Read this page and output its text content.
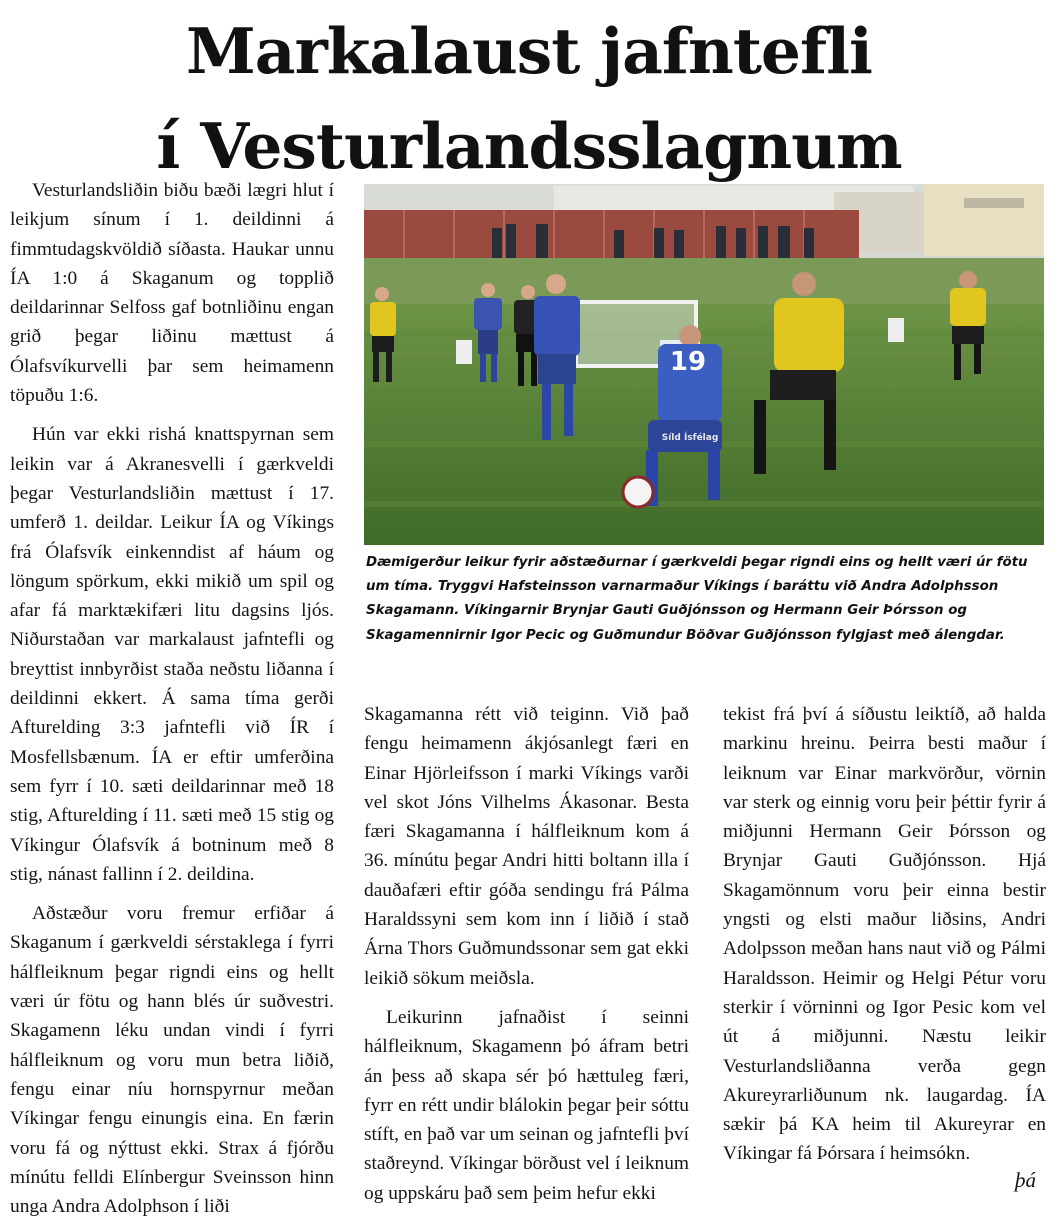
Markalaust jafntefli
í Vesturlandsslagnum

Vesturlandsliðin biðu bæði lægri hlut í leikjum sínum í 1. deildinni á fimmtudagskvöldið síðasta. Haukar unnu ÍA 1:0 á Skaganum og topplið deildarinnar Selfoss gaf botnliðinu engan grið þegar liðinu mættust á Ólafsvíkurvelli þar sem heimamenn töpuðu 1:6.

Hún var ekki rishá knattspyrnan sem leikin var á Akranesvelli í gærkveldi þegar Vesturlandsliðin mættust í 17. umferð 1. deildar. Leikur ÍA og Víkings frá Ólafsvík einkenndist af háum og löngum spörkum, ekki mikið um spil og afar fá marktækifæri litu dagsins ljós. Niðurstaðan var markalaust jafntefli og breyttist innbyrðist staða neðstu liðanna í deildinni ekkert. Á sama tíma gerði Afturelding 3:3 jafntefli við ÍR í Mosfellsbænum. ÍA er eftir umferðina sem fyrr í 10. sæti deildarinnar með 18 stig, Afturelding í 11. sæti með 15 stig og Víkingur Ólafsvík á botninum með 8 stig, nánast fallinn í 2. deildina.

Aðstæður voru fremur erfiðar á Skaganum í gærkveldi sérstaklega í fyrri hálfleiknum þegar rigndi eins og hellt væri úr fötu og hann blés úr suðvestri. Skagamenn léku undan vindi í fyrri hálfleiknum og voru mun betra liðið, fengu einar níu hornspyrnur meðan Víkingar fengu einungis eina. En færin voru fá og nýttust ekki. Strax á fjórðu mínútu felldi Elínbergur Sveinsson hinn unga Andra Adolphson í liði

19
Síld Ísfélag
Dæmigerður leikur fyrir aðstæðurnar í gærkveldi þegar rigndi eins og hellt væri úr fötu um tíma. Tryggvi Hafsteinsson varnarmaður Víkings í baráttu við Andra Adolphsson Skagamann. Víkingarnir Brynjar Gauti Guðjónsson og Hermann Geir Þórsson og Skagamennirnir Igor Pecic og Guðmundur Böðvar Guðjónsson fylgjast með álengdar.

Skagamanna rétt við teiginn. Við það fengu heimamenn ákjósanlegt færi en Einar Hjörleifsson í marki Víkings varði vel skot Jóns Vilhelms Ákasonar. Besta færi Skagamanna í hálfleiknum kom á 36. mínútu þegar Andri hitti boltann illa í dauðafæri eftir góða sendingu frá Pálma Haraldssyni sem kom inn í liðið í stað Árna Thors Guðmundssonar sem gat ekki leikið sökum meiðsla.

Leikurinn jafnaðist í seinni hálfleiknum, Skagamenn þó áfram betri án þess að skapa sér þó hættuleg færi, fyrr en rétt undir blálokin þegar þeir sóttu stíft, en það var um seinan og jafntefli því staðreynd. Víkingar börðust vel í leiknum og uppskáru það sem þeim hefur ekki

tekist frá því á síðustu leiktíð, að halda markinu hreinu. Þeirra besti maður í leiknum var Einar markvörður, vörnin var sterk og einnig voru þeir þéttir fyrir á miðjunni Hermann Geir Þórsson og Brynjar Gauti Guðjónsson. Hjá Skagamönnum voru þeir einna bestir yngsti og elsti maður liðsins, Andri Adolpsson meðan hans naut við og Pálmi Haraldsson. Heimir og Helgi Pétur voru sterkir í vörninni og Igor Pesic kom vel út á miðjunni. Næstu leikir Vesturlandsliðanna verða gegn Akureyrarliðunum nk. laugardag. ÍA sækir þá KA heim til Akureyrar en Víkingar fá Þórsara í heimsókn.

þá
